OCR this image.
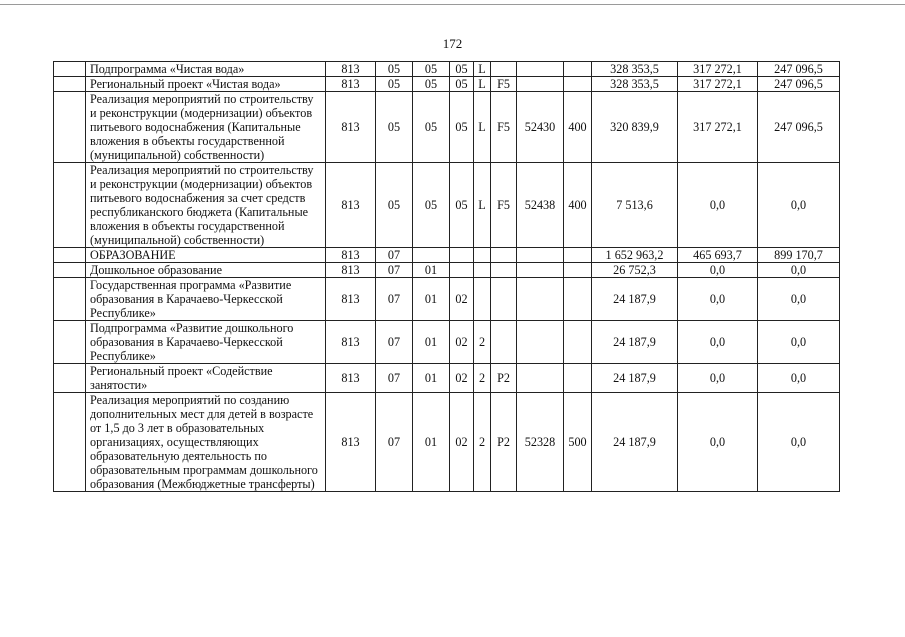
172
	Подпрограмма «Чистая вода»	813	05	05	05	L				328 353,5	317 272,1	247 096,5
	Региональный проект «Чистая вода»	813	05	05	05	L	F5			328 353,5	317 272,1	247 096,5
	Реализация мероприятий по строительству и реконструкции (модернизации) объектов питьевого водоснабжения (Капитальные вложения в объекты государственной (муниципальной) собственности)	813	05	05	05	L	F5	52430	400	320 839,9	317 272,1	247 096,5
	Реализация мероприятий по строительству и реконструкции (модернизации) объектов питьевого водоснабжения за счет средств республиканского бюджета (Капитальные вложения в объекты государственной (муниципальной) собственности)	813	05	05	05	L	F5	52438	400	7 513,6	0,0	0,0
	ОБРАЗОВАНИЕ	813	07							1 652 963,2	465 693,7	899 170,7
	Дошкольное образование	813	07	01						26 752,3	0,0	0,0
	Государственная программа «Развитие образования в Карачаево-Черкесской Республике»	813	07	01	02					24 187,9	0,0	0,0
	Подпрограмма «Развитие дошкольного образования в Карачаево-Черкесской Республике»	813	07	01	02	2				24 187,9	0,0	0,0
	Региональный проект «Содействие занятости»	813	07	01	02	2	P2			24 187,9	0,0	0,0
	Реализация мероприятий по созданию дополнительных мест для детей в возрасте от 1,5 до 3 лет в образовательных организациях, осуществляющих образовательную деятельность по образовательным программам дошкольного образования (Межбюджетные трансферты)	813	07	01	02	2	P2	52328	500	24 187,9	0,0	0,0
